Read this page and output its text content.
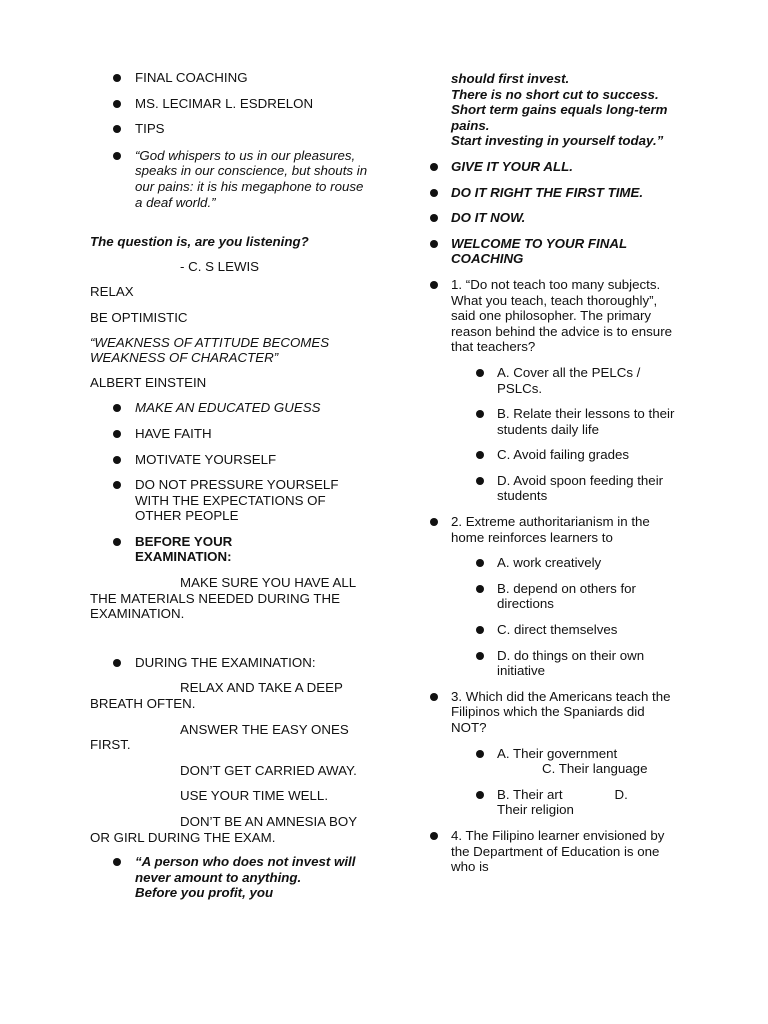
FINAL COACHING
MS. LECIMAR L. ESDRELON
TIPS
“God whispers to us in our pleasures, speaks in our conscience, but shouts in our pains: it is his megaphone to rouse a deaf world.”
The question is, are you listening?
- C. S LEWIS
RELAX
BE OPTIMISTIC
“WEAKNESS OF ATTITUDE BECOMES WEAKNESS OF CHARACTER”
ALBERT EINSTEIN
MAKE AN EDUCATED GUESS
HAVE FAITH
MOTIVATE YOURSELF
DO NOT PRESSURE YOURSELF WITH THE EXPECTATIONS OF OTHER PEOPLE
BEFORE YOUR EXAMINATION:
MAKE SURE YOU HAVE ALL THE MATERIALS NEEDED DURING THE EXAMINATION.
DURING THE EXAMINATION:
RELAX AND TAKE A DEEP BREATH OFTEN.
ANSWER THE EASY ONES FIRST.
DON’T GET CARRIED AWAY.
USE YOUR TIME WELL.
DON’T BE AN AMNESIA BOY OR GIRL DURING THE EXAM.
“A person who does not invest will never amount to anything.
Before you profit, you
should first invest.
There is no short cut to success.
Short term gains equals long-term pains.
Start investing in yourself today.”
GIVE IT YOUR ALL.
DO IT RIGHT THE FIRST TIME.
DO IT NOW.
WELCOME TO YOUR FINAL COACHING
1. “Do not teach too many subjects. What you teach, teach thoroughly”, said one philosopher. The primary reason behind the advice is to ensure that teachers?
A. Cover all the PELCs / PSLCs.
B. Relate their lessons to their students daily life
C. Avoid failing grades
D. Avoid spoon feeding their students
2. Extreme authoritarianism in the home reinforces learners to
A. work creatively
B. depend on others for directions
C. direct themselves
D. do things on their own initiative
3. Which did the Americans teach the Filipinos which the Spaniards did NOT?
A. Their government
C. Their language
B. Their art	D.
Their religion
4. The Filipino learner envisioned by the Department of Education is one who is
